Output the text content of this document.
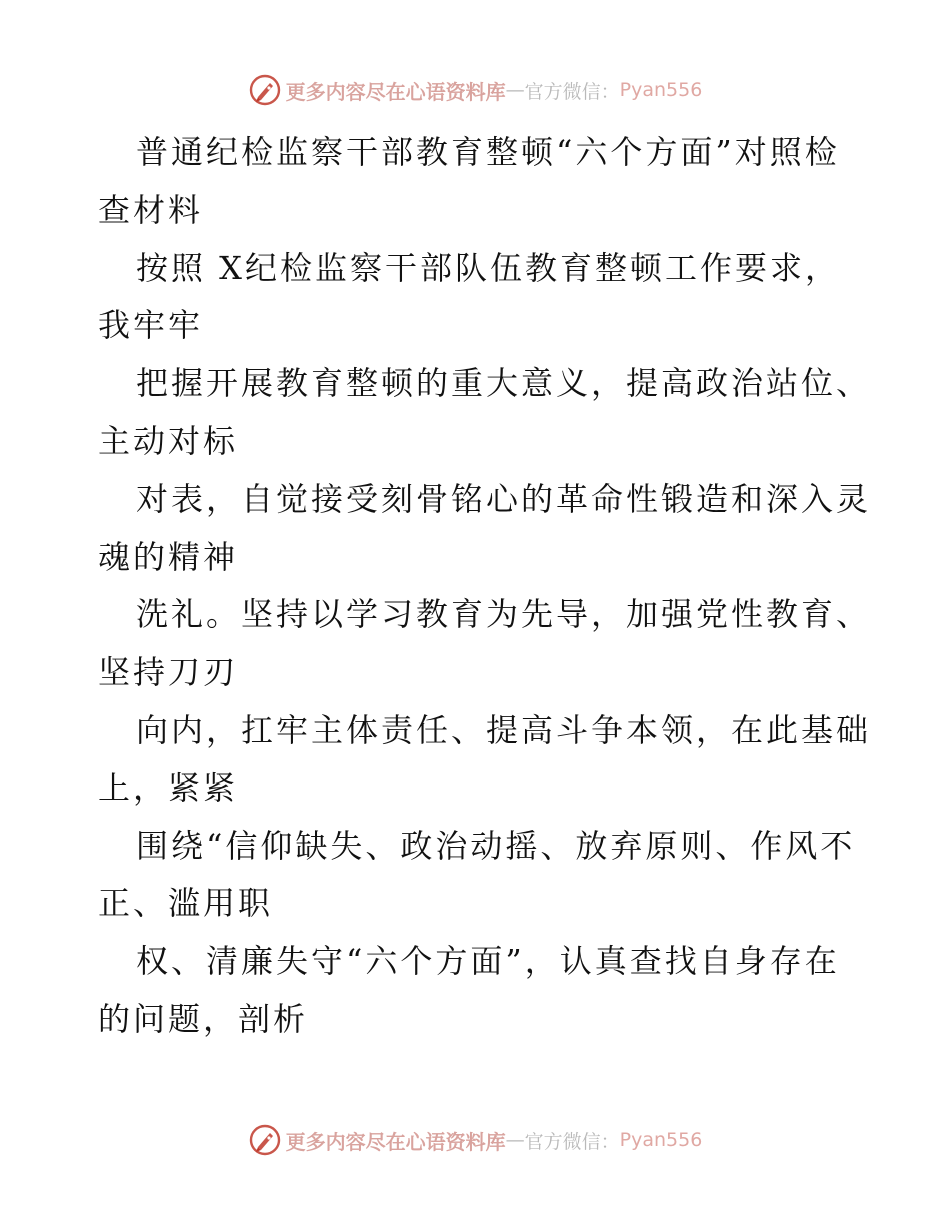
更多内容尽在心语资料库 — 官方微信： Pyan556
普通纪检监察干部教育整顿“六个方面”对照检
查材料
按照 X纪检监察干部队伍教育整顿工作要求，
我牢牢
把握开展教育整顿的重大意义，提高政治站位、
主动对标
对表，自觉接受刻骨铭心的革命性锻造和深入灵
魂的精神
洗礼。坚持以学习教育为先导，加强党性教育、
坚持刀刃
向内，扛牢主体责任、提高斗争本领，在此基础
上，紧紧
围绕“信仰缺失、政治动摇、放弃原则、作风不
正、滥用职
权、清廉失守“六个方面”，认真查找自身存在
的问题，剖析
更多内容尽在心语资料库 — 官方微信： Pyan556
